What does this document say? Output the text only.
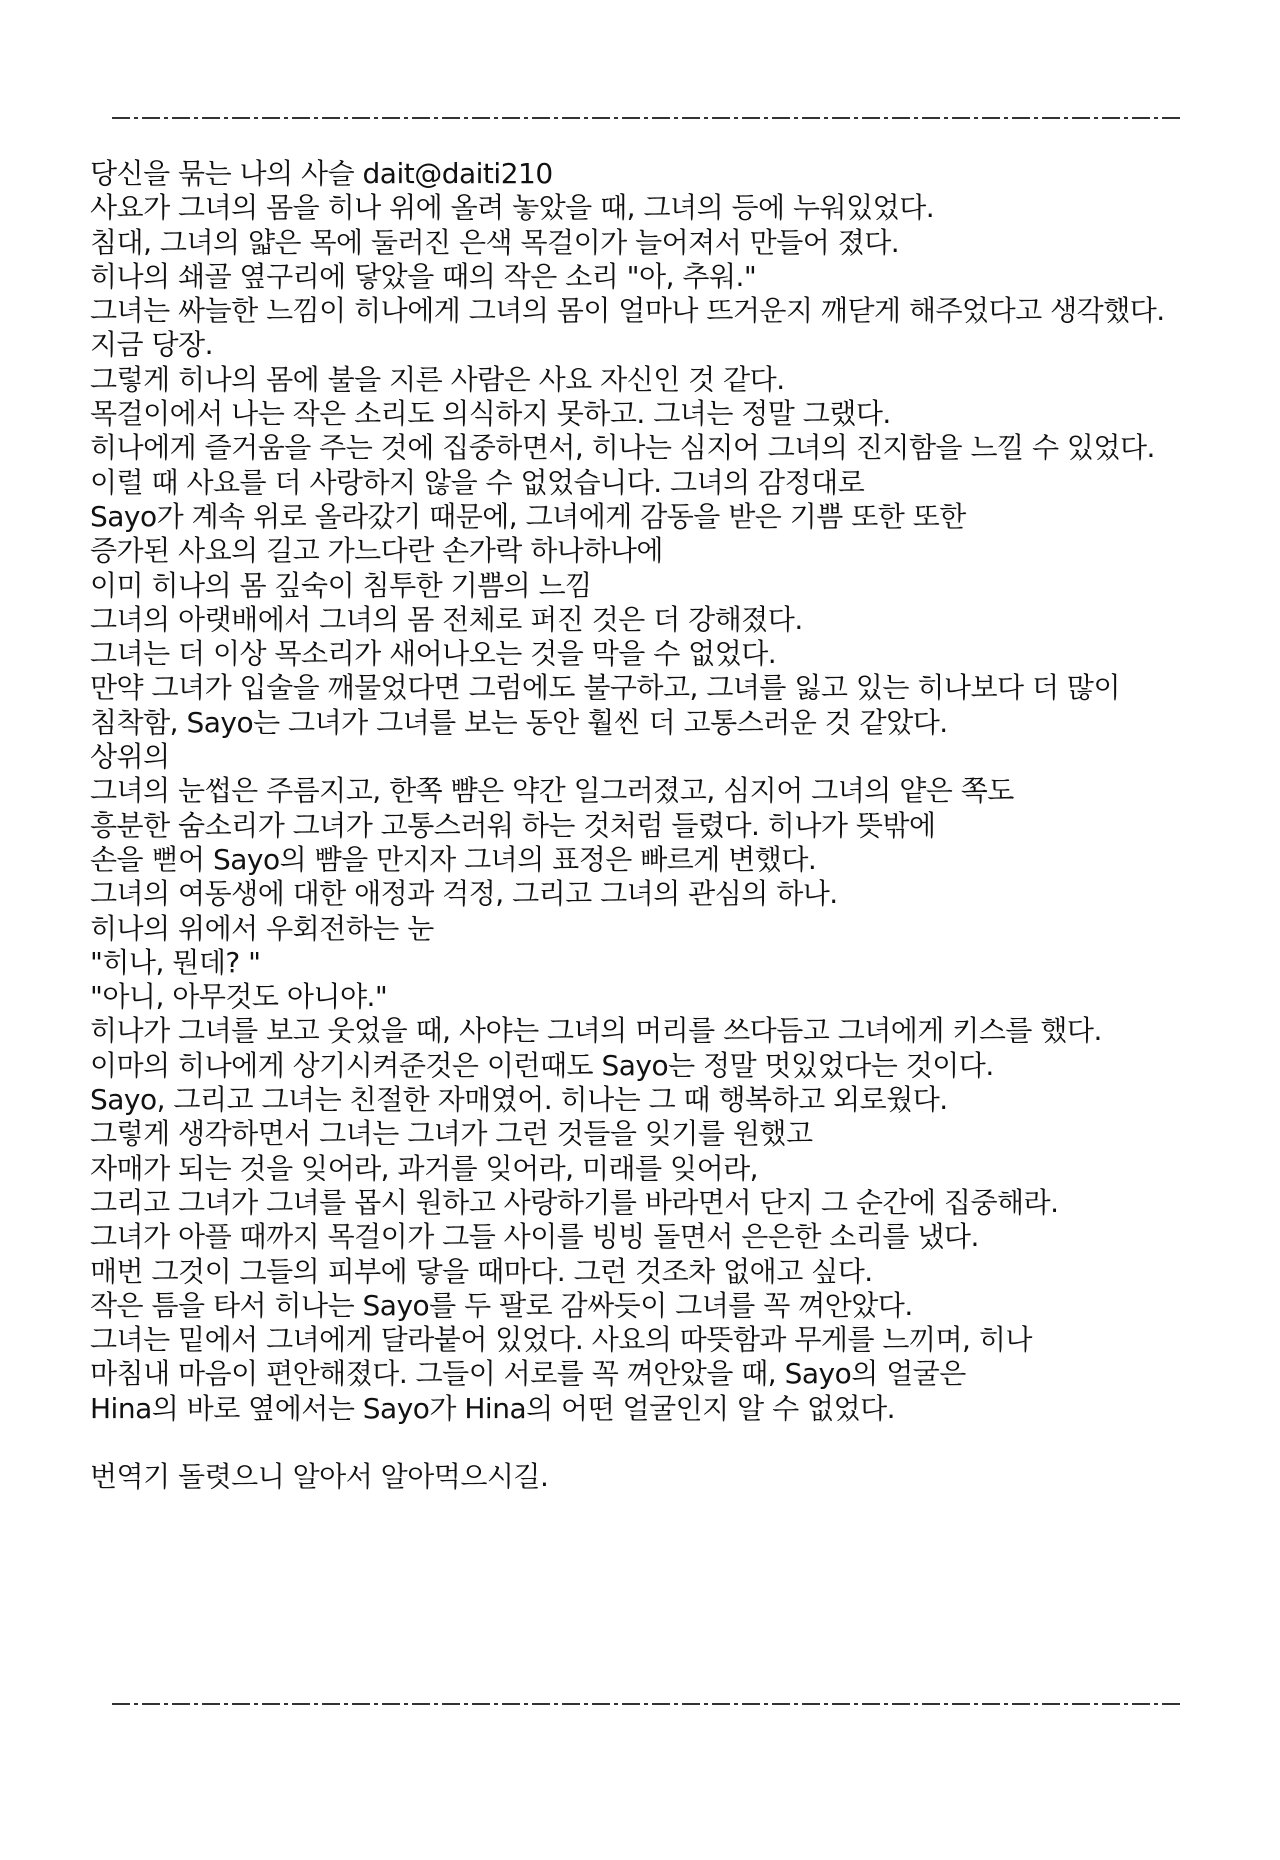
당신을 묶는 나의 사슬 dait@daiti210
사요가 그녀의 몸을 히나 위에 올려 놓았을 때, 그녀의 등에 누워있었다.
침대, 그녀의 얇은 목에 둘러진 은색 목걸이가 늘어져서 만들어 졌다.
히나의 쇄골 옆구리에 닿았을 때의 작은 소리 "아, 추워."
그녀는 싸늘한 느낌이 히나에게 그녀의 몸이 얼마나 뜨거운지 깨닫게 해주었다고 생각했다.
지금 당장.
그렇게 히나의 몸에 불을 지른 사람은 사요 자신인 것 같다.
목걸이에서 나는 작은 소리도 의식하지 못하고. 그녀는 정말 그랬다.
히나에게 즐거움을 주는 것에 집중하면서, 히나는 심지어 그녀의 진지함을 느낄 수 있었다.
이럴 때 사요를 더 사랑하지 않을 수 없었습니다. 그녀의 감정대로
Sayo가 계속 위로 올라갔기 때문에, 그녀에게 감동을 받은 기쁨 또한 또한
증가된 사요의 길고 가느다란 손가락 하나하나에
이미 히나의 몸 깊숙이 침투한 기쁨의 느낌
그녀의 아랫배에서 그녀의 몸 전체로 퍼진 것은 더 강해졌다.
그녀는 더 이상 목소리가 새어나오는 것을 막을 수 없었다.
만약 그녀가 입술을 깨물었다면 그럼에도 불구하고, 그녀를 잃고 있는 히나보다 더 많이
침착함, Sayo는 그녀가 그녀를 보는 동안 훨씬 더 고통스러운 것 같았다.
상위의
그녀의 눈썹은 주름지고, 한쪽 뺨은 약간 일그러졌고, 심지어 그녀의 얕은 쪽도
흥분한 숨소리가 그녀가 고통스러워 하는 것처럼 들렸다. 히나가 뜻밖에
손을 뻗어 Sayo의 뺨을 만지자 그녀의 표정은 빠르게 변했다.
그녀의 여동생에 대한 애정과 걱정, 그리고 그녀의 관심의 하나.
히나의 위에서 우회전하는 눈
"히나, 뭔데? "
"아니, 아무것도 아니야."
히나가 그녀를 보고 웃었을 때, 사야는 그녀의 머리를 쓰다듬고 그녀에게 키스를 했다.
이마의 히나에게 상기시켜준것은 이런때도 Sayo는 정말 멋있었다는 것이다.
Sayo, 그리고 그녀는 친절한 자매였어. 히나는 그 때 행복하고 외로웠다.
그렇게 생각하면서 그녀는 그녀가 그런 것들을 잊기를 원했고
자매가 되는 것을 잊어라, 과거를 잊어라, 미래를 잊어라,
그리고 그녀가 그녀를 몹시 원하고 사랑하기를 바라면서 단지 그 순간에 집중해라.
그녀가 아플 때까지 목걸이가 그들 사이를 빙빙 돌면서 은은한 소리를 냈다.
매번 그것이 그들의 피부에 닿을 때마다. 그런 것조차 없애고 싶다.
작은 틈을 타서 히나는 Sayo를 두 팔로 감싸듯이 그녀를 꼭 껴안았다.
그녀는 밑에서 그녀에게 달라붙어 있었다. 사요의 따뜻함과 무게를 느끼며, 히나
마침내 마음이 편안해졌다. 그들이 서로를 꼭 껴안았을 때, Sayo의 얼굴은
Hina의 바로 옆에서는 Sayo가 Hina의 어떤 얼굴인지 알 수 없었다.
번역기 돌렷으니 알아서 알아먹으시길.
